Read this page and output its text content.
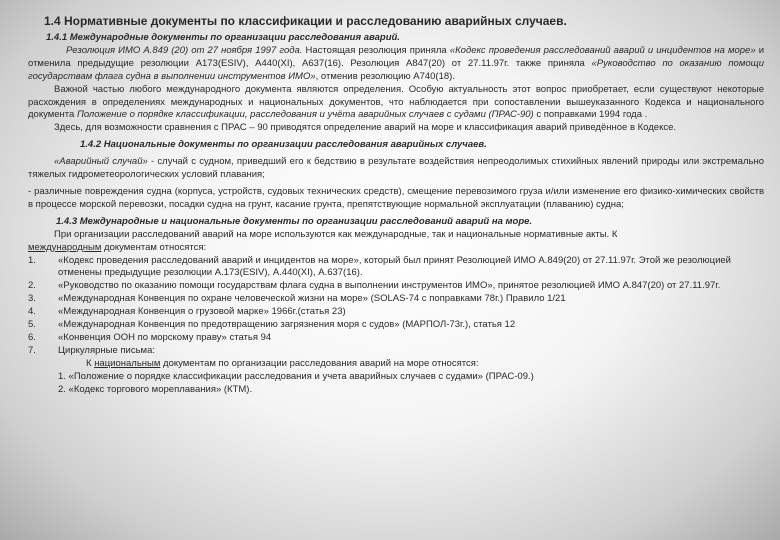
1.4 Нормативные документы по классификации и расследованию аварийных случаев.

1.4.1 Международные документы по организации расследования аварий.

Резолюция ИМО А.849 (20) от 27 ноября 1997 года. Настоящая резолюция приняла «Кодекс проведения расследований аварий и инцидентов на море» и отменила предыдущие резолюции А173(ESIV), А440(XI), А637(16). Резолюция А847(20) от 27.11.97г. также приняла «Руководство по оказанию помощи государствам флага судна в выполнении инструментов ИМО», отменив резолюцию А740(18).

Важной частью любого международного документа являются определения. Особую актуальность этот вопрос приобретает, если существуют некоторые расхождения в определениях международных и национальных документов, что наблюдается при сопоставлении вышеуказанного Кодекса и национального документа Положение о порядке классификации, расследования и учёта аварийных случаев с судами (ПРАС-90) с поправками 1994 года .

Здесь, для возможности сравнения с ПРАС – 90 приводятся определение аварий на море и классификация аварий приведённое в Кодексе.

1.4.2 Национальные документы по организации расследования аварийных случаев.

«Аварийный случай» - случай с судном, приведший его к бедствию в результате воздействия непреодолимых стихийных явлений природы или экстремально тяжелых гидрометеорологических условий плавания;

- различные повреждения судна (корпуса, устройств, судовых технических средств), смещение перевозимого груза и/или изменение его физико-химических свойств в процессе морской перевозки, посадки судна на грунт, касание грунта, препятствующие нормальной эксплуатации (плаванию) судна;

1.4.3 Международные и национальные документы по организации расследований аварий на море.

При организации расследований аварий на море используются как международные, так и национальные нормативные акты. К

международным документам относятся:

1.	«Кодекс проведения расследований аварий и инцидентов на море», который был принят Резолюцией ИМО А.849(20) от 27.11.97г. Этой же резолюцией отменены предыдущие резолюции А.173(ESIV), А.440(XI), А.637(16).
2.	«Руководство по оказанию помощи государствам флага судна в выполнении инструментов ИМО», принятое резолюцией ИМО А.847(20) от 27.11.97г.
3.	«Международная Конвенция по охране человеческой жизни на море» (SOLAS-74 с поправками 78г.) Правило 1/21
4.	«Международная Конвенция о грузовой марке» 1966г.(статья 23)
5.	«Международная Конвенция по предотвращению загрязнения моря с судов» (МАРПОЛ-73г.), статья 12
6.	«Конвенция ООН по морскому праву» статья 94
7.	Циркулярные письма:

К национальным документам по организации расследования аварий на море относятся:

1. «Положение о порядке классификации расследования и учета аварийных случаев с судами» (ПРАС-09.)

2. «Кодекс торгового мореплавания» (КТМ).
